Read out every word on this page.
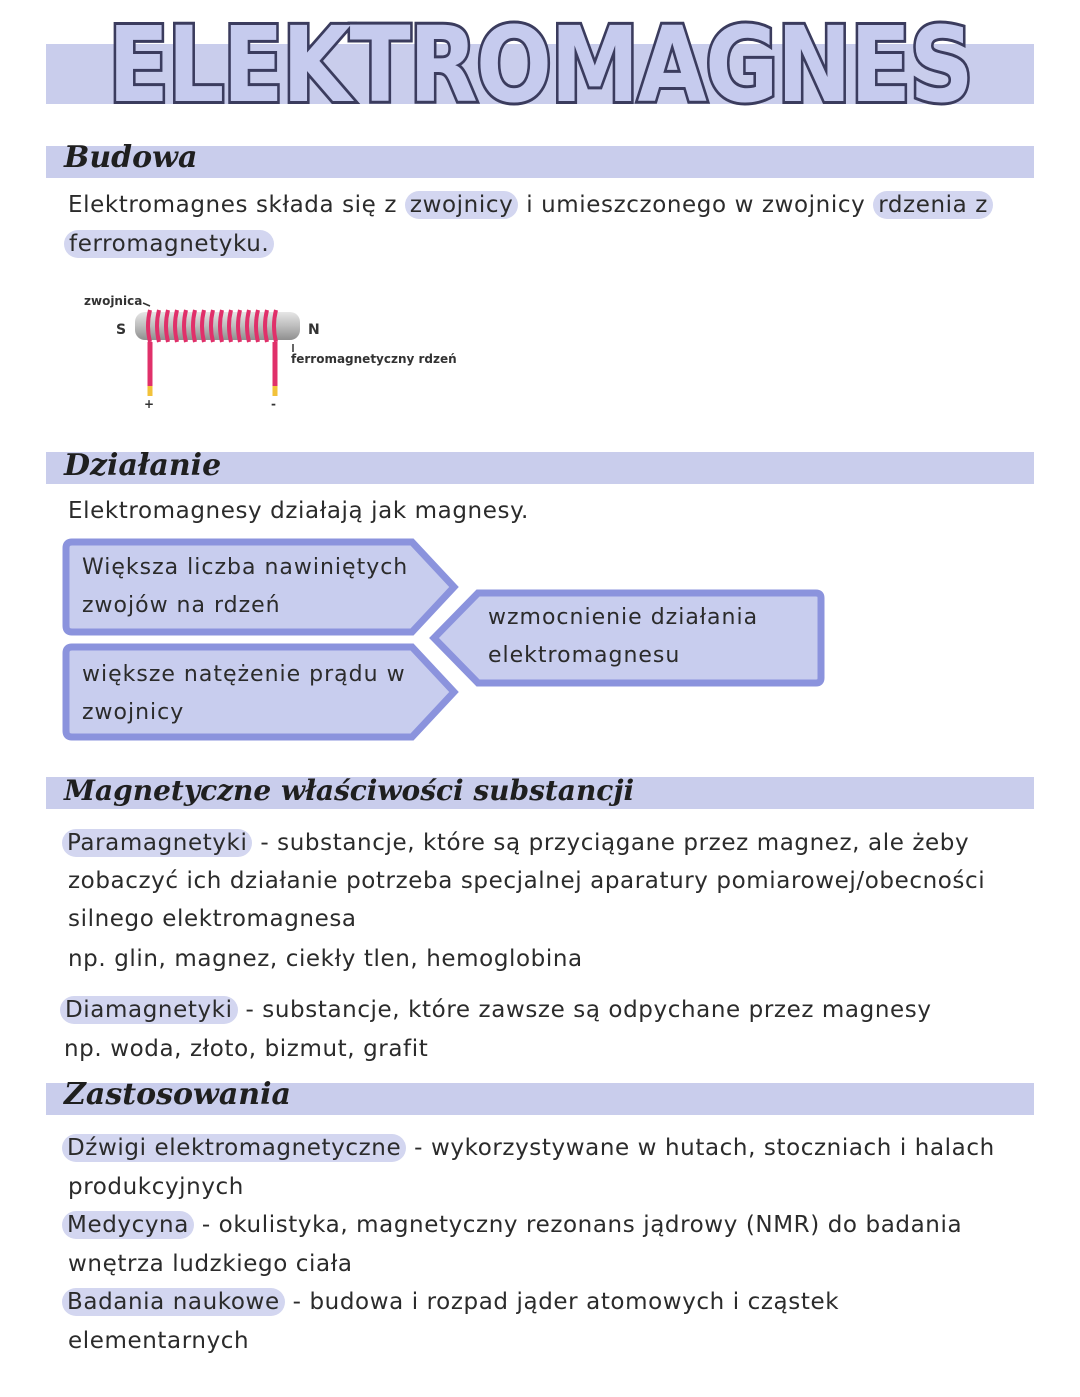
ELEKTROMAGNES
Budowa
Elektromagnes składa się z zwojnicy i umieszczonego w zwojnicy rdzenia z
ferromagnetyku.
zwojnica
S	N
ferromagnetyczny rdzeń
+	-
Działanie
Elektromagnesy działają jak magnesy.
Większa liczba nawiniętych
zwojów na rdzeń
większe natężenie prądu w
zwojnicy
wzmocnienie działania
elektromagnesu
Magnetyczne właściwości substancji
Paramagnetyki - substancje, które są przyciągane przez magnez, ale żeby
zobaczyć ich działanie potrzeba specjalnej aparatury pomiarowej/obecności
silnego elektromagnesa
np. glin, magnez, ciekły tlen, hemoglobina
Diamagnetyki - substancje, które zawsze są odpychane przez magnesy
np. woda, złoto, bizmut, grafit
Zastosowania
Dźwigi elektromagnetyczne - wykorzystywane w hutach, stoczniach i halach
produkcyjnych
Medycyna - okulistyka, magnetyczny rezonans jądrowy (NMR) do badania
wnętrza ludzkiego ciała
Badania naukowe - budowa i rozpad jąder atomowych i cząstek
elementarnych
